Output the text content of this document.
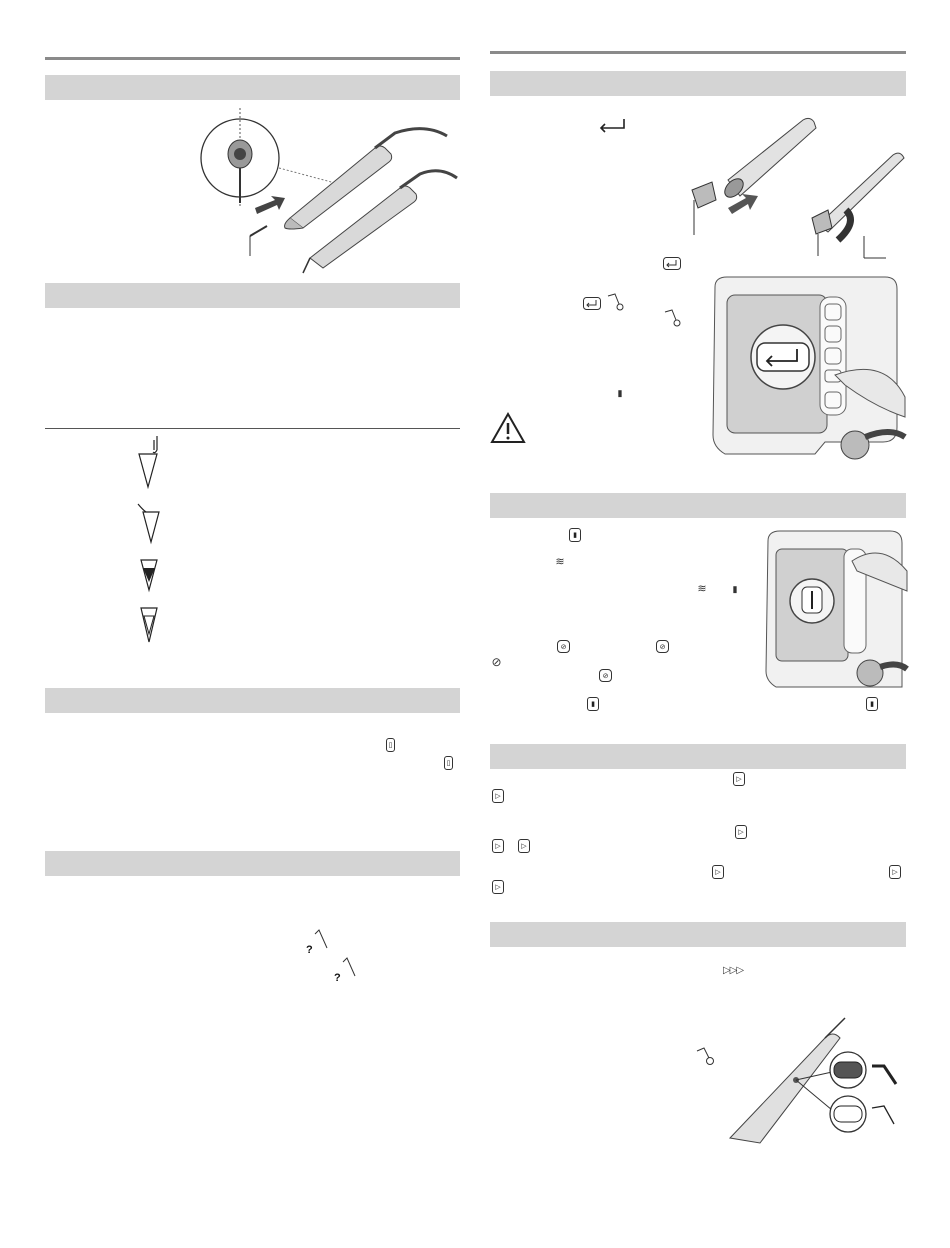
▯
▯
?
?
▮
▮
≋
≋	▮
⊘	⊘
⊘
⊘
▮	▮
▷
▷
▷
▷	▷
▷	▷
▷
▷▷▷
